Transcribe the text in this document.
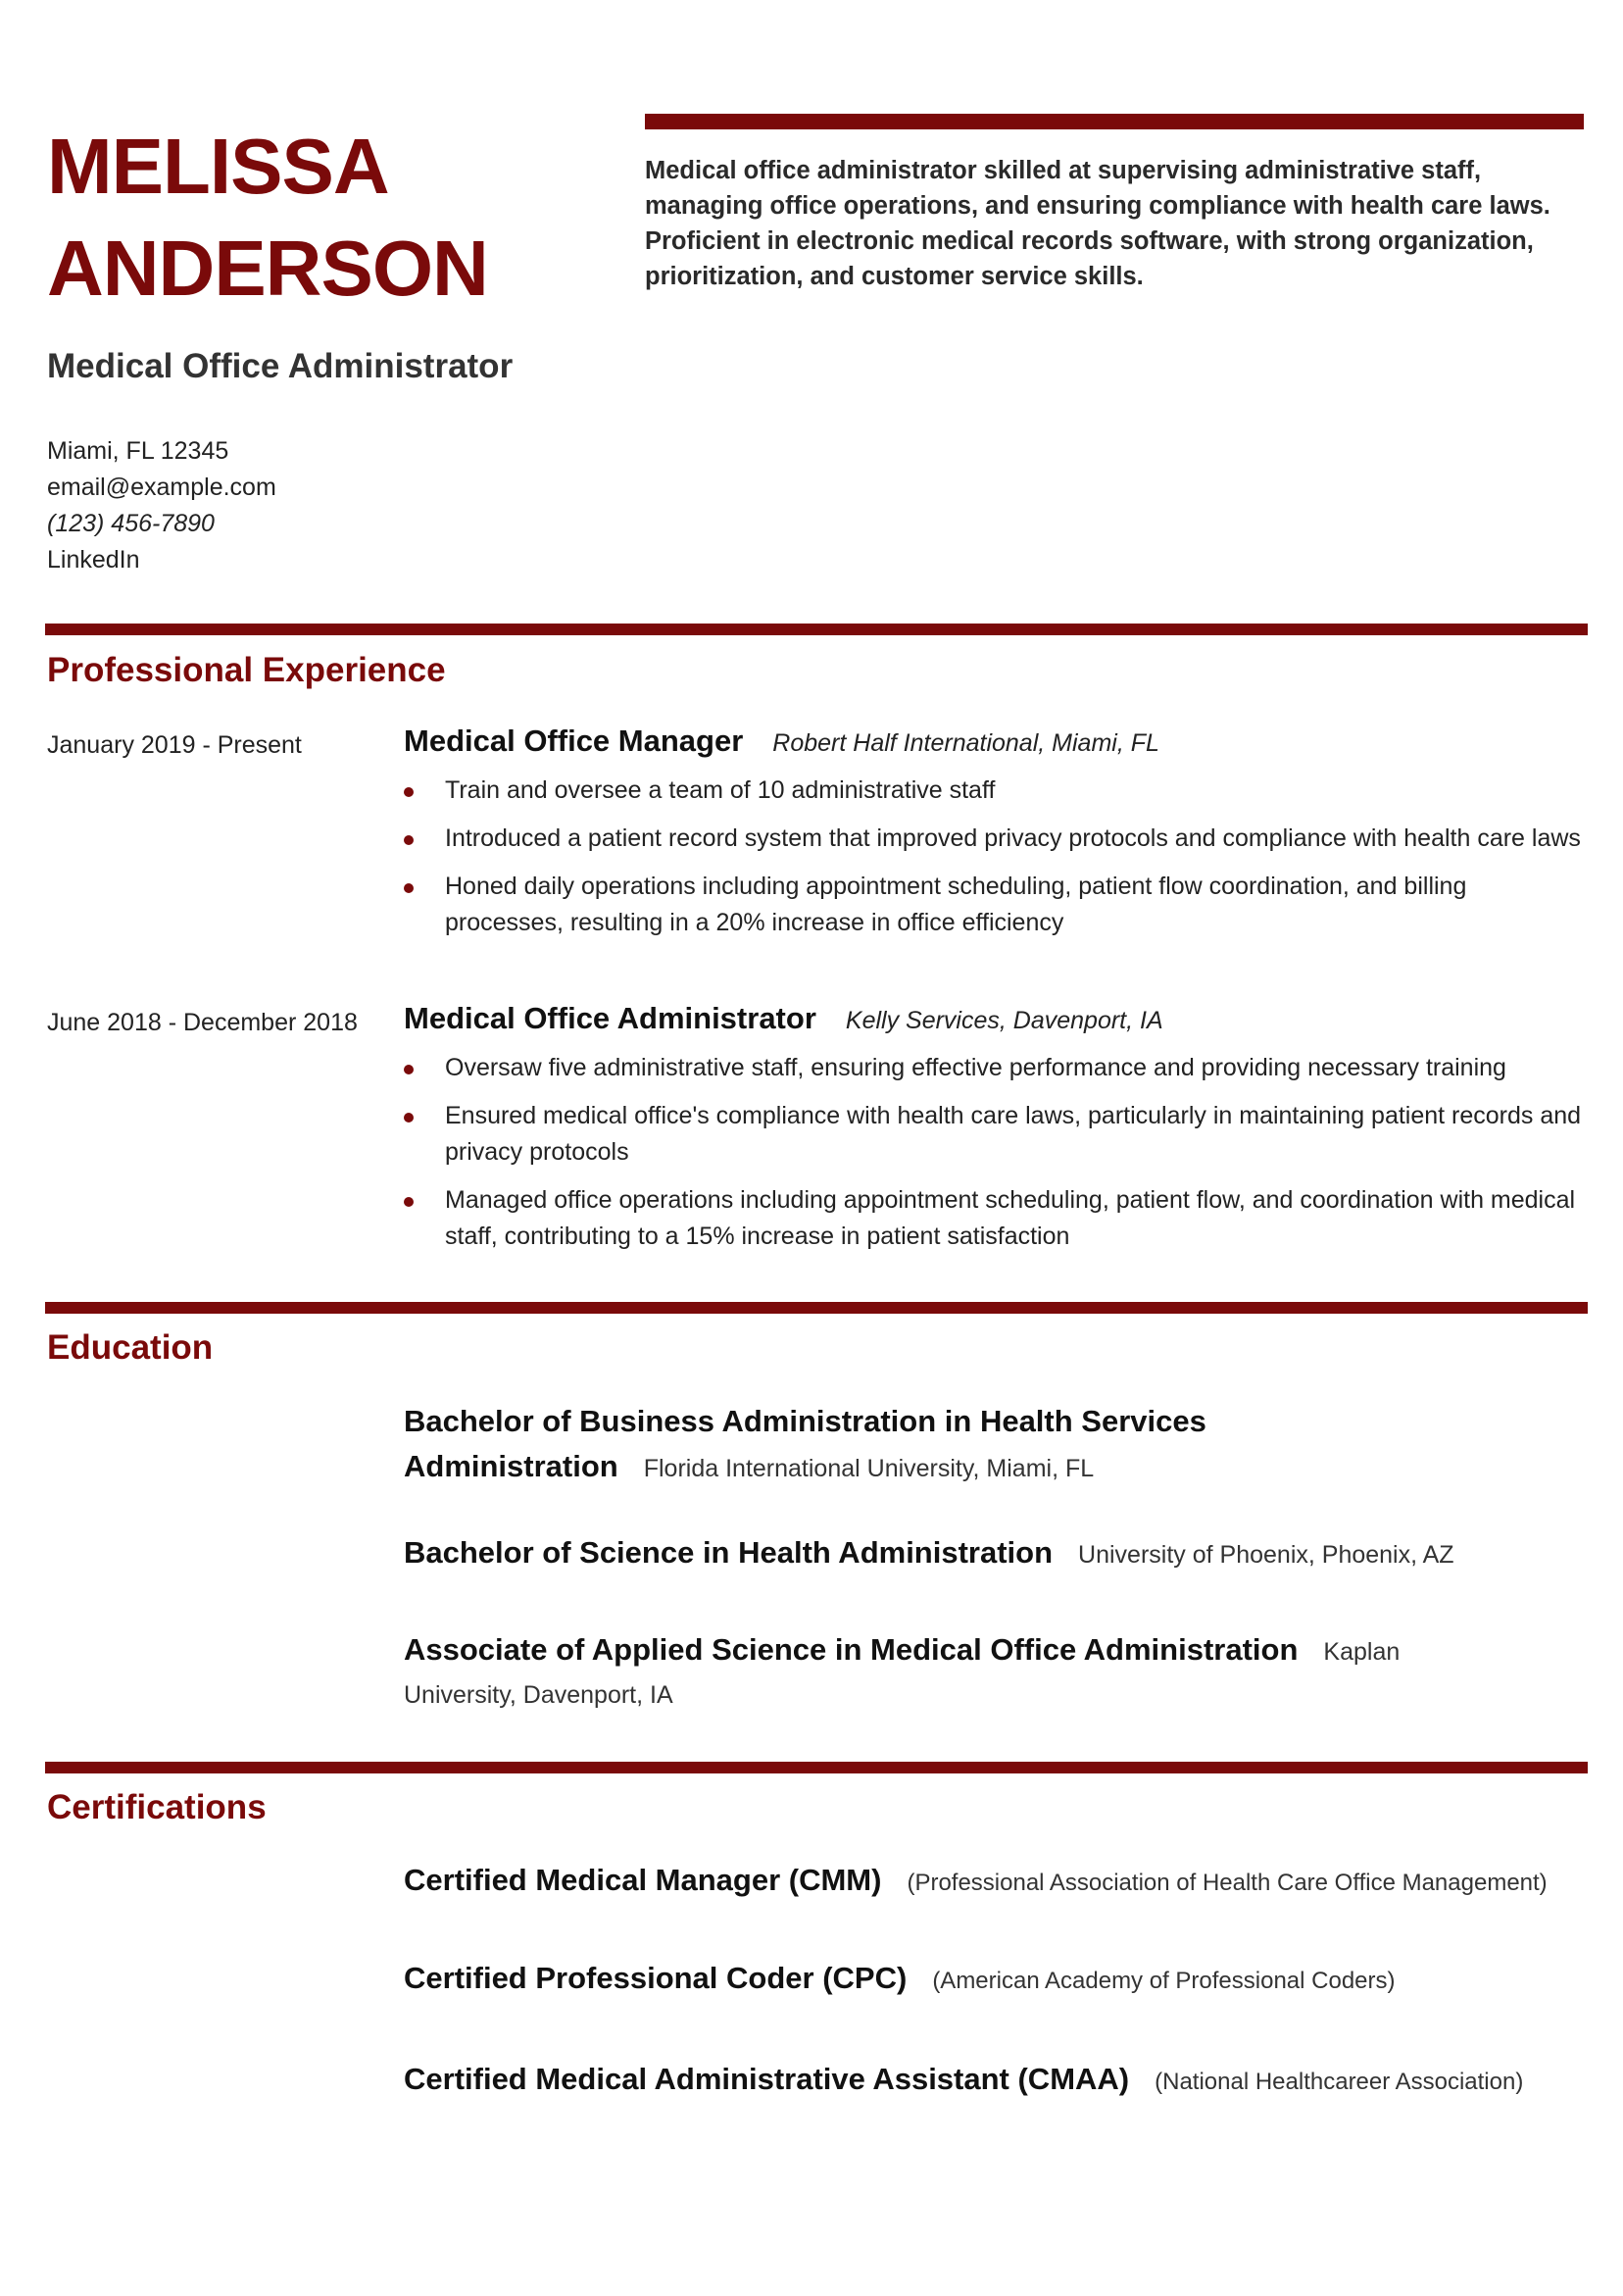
MELISSA
ANDERSON
Medical Office Administrator
Miami, FL 12345
email@example.com
(123) 456-7890
LinkedIn
Medical office administrator skilled at supervising administrative staff, managing office operations, and ensuring compliance with health care laws. Proficient in electronic medical records software, with strong organization, prioritization, and customer service skills.
Professional Experience
January 2019 - Present	Medical Office Manager Robert Half International, Miami, FL
Train and oversee a team of 10 administrative staff
Introduced a patient record system that improved privacy protocols and compliance with health care laws
Honed daily operations including appointment scheduling, patient flow coordination, and billing processes, resulting in a 20% increase in office efficiency
June 2018 - December 2018 Medical Office Administrator Kelly Services, Davenport, IA
Oversaw five administrative staff, ensuring effective performance and providing necessary training
Ensured medical office's compliance with health care laws, particularly in maintaining patient records and privacy protocols
Managed office operations including appointment scheduling, patient flow, and coordination with medical staff, contributing to a 15% increase in patient satisfaction
Education
Bachelor of Business Administration in Health Services Administration Florida International University, Miami, FL
Bachelor of Science in Health Administration University of Phoenix, Phoenix, AZ
Associate of Applied Science in Medical Office Administration Kaplan University, Davenport, IA
Certifications
Certified Medical Manager (CMM) (Professional Association of Health Care Office Management)
Certified Professional Coder (CPC) (American Academy of Professional Coders)
Certified Medical Administrative Assistant (CMAA) (National Healthcareer Association)
